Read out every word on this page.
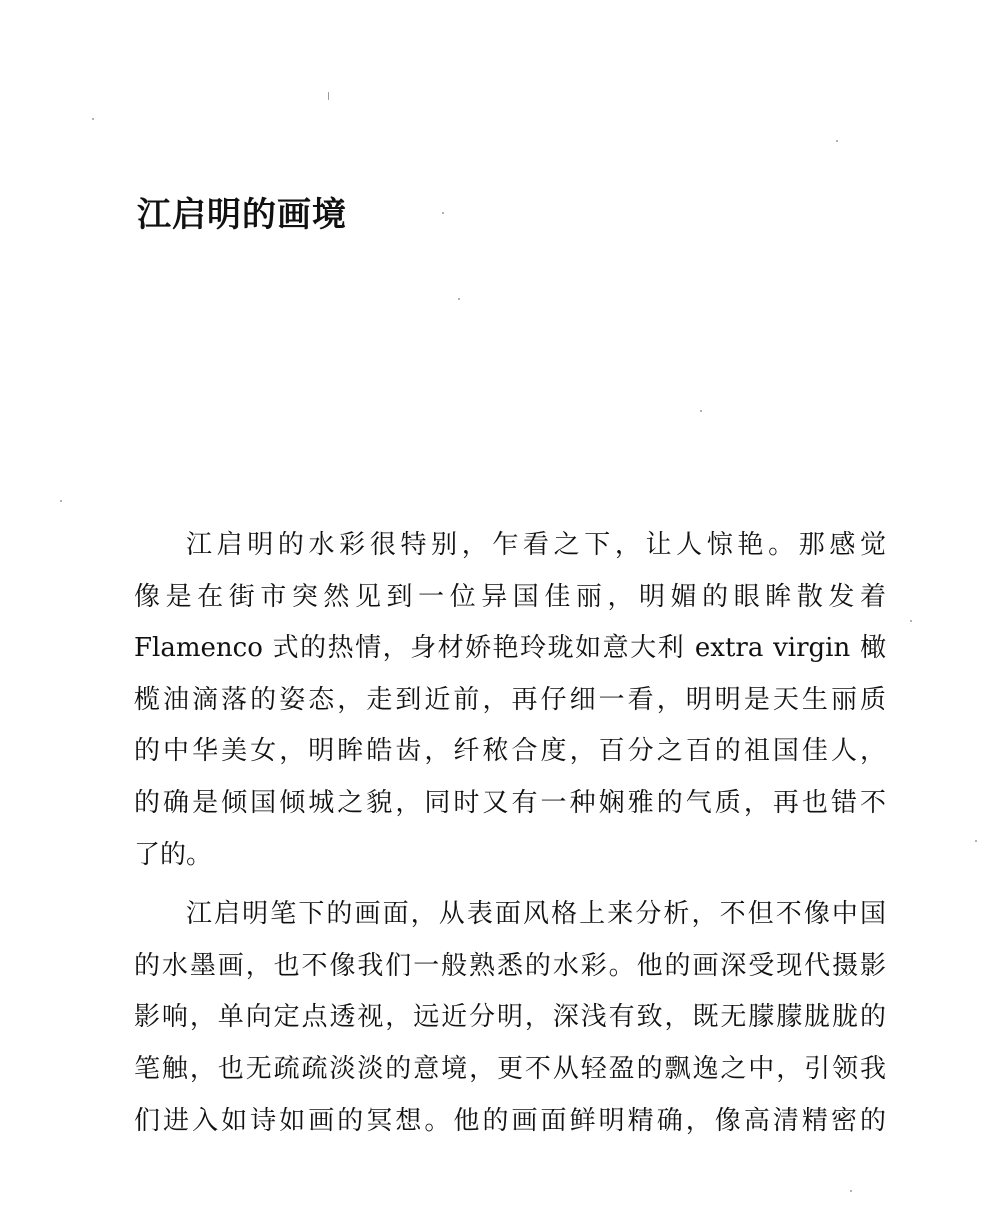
江启明的画境

江启明的水彩很特别，乍看之下，让人惊艳。那感觉
像是在街市突然见到一位异国佳丽，明媚的眼眸散发着
Flamenco 式的热情，身材娇艳玲珑如意大利 extra virgin 橄
榄油滴落的姿态，走到近前，再仔细一看，明明是天生丽质
的中华美女，明眸皓齿，纤秾合度，百分之百的祖国佳人，
的确是倾国倾城之貌，同时又有一种娴雅的气质，再也错不
了的。

江启明笔下的画面，从表面风格上来分析，不但不像中国
的水墨画，也不像我们一般熟悉的水彩。他的画深受现代摄影
影响，单向定点透视，远近分明，深浅有致，既无朦朦胧胧的
笔触，也无疏疏淡淡的意境，更不从轻盈的飘逸之中，引领我
们进入如诗如画的冥想。他的画面鲜明精确，像高清精密的
